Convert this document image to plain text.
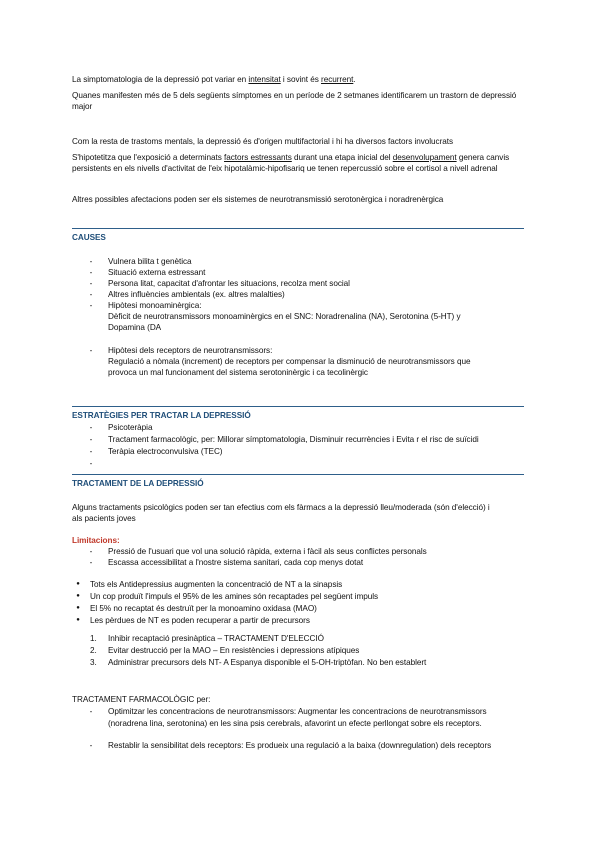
La simptomatologia de la depressió pot variar en intensitat i sovint és recurrent.
Quanes manifesten més de 5 dels següents símptomes en un període de 2 setmanes identificarem un trastorn de depressió major
Com la resta de trastoms mentals, la depressió és d'origen multifactorial i hi ha diversos factors involucrats
S'hipotetitza que l'exposició a determinats factors estressants durant una etapa inicial del desenvolupament genera canvis persistents en els nivells d'activitat de l'eix hipotalàmic-hipofisariq ue tenen repercussió sobre el cortisol a nivell adrenal
Altres possibles afectacions poden ser els sistemes de neurotransmissió serotonèrgica i noradrenèrgica
CAUSES
-	Vulnera bilita t genètica
-	Situació externa estressant
-	Persona litat, capacitat d'afrontar les situacions, recolza ment social
-	Altres influències ambientals (ex. altres malalties)
-	Hipòtesi monoaminèrgica:
Dèficit de neurotransmissors monoaminèrgics en el SNC: Noradrenalina (NA), Serotonina (5-HT) y
Dopamina (DA
-	Hipòtesi dels receptors de neurotransmissors:
Regulació a nòmala (increment) de receptors per compensar la disminució de neurotransmissors que
provoca un mal funcionament del sistema serotoninèrgic i ca tecolinèrgic
ESTRATÈGIES PER TRACTAR LA DEPRESSIÓ
-	Psicoteràpia
-	Tractament farmacològic, per: Millorar símptomatologia, Disminuir recurrències i Evita r el risc de suïcidi
-	Teràpia electroconvulsiva (TEC)
-
TRACTAMENT DE LA DEPRESSIÓ
Alguns tractaments psicològics poden ser tan efectius com els fàrmacs a la depressió lleu/moderada (són d'elecció) i
als pacients joves
Limitacions:
-	Pressió de l'usuari que vol una solució ràpida, externa i fàcil als seus conflictes personals
-	Escassa accessibilitat a l'nostre sistema sanitari, cada cop menys dotat
●	Tots els Antidepressius augmenten la concentració de NT a la sinapsis
●	Un cop produït l'impuls el 95% de les amines són recaptades pel següent impuls
●	El 5% no recaptat és destruït per la monoamino oxidasa (MAO)
●	Les pèrdues de NT es poden recuperar a partir de precursors
1. Inhibir recaptació presinàptica – TRACTAMENT D'ELECCIÓ
2. Evitar destrucció per la MAO – En resistències i depressions atípiques
3. Administrar precursors dels NT- A Espanya disponible el 5-OH-triptòfan. No ben establert
TRACTAMENT FARMACOLÒGIC per:
-	Optimitzar les concentracions de neurotransmissors: Augmentar les concentracions de neurotransmissors
(noradrena lina, serotonina) en les sina psis cerebrals, afavorint un efecte perllongat sobre els receptors.
-	Restablir la sensibilitat dels receptors: Es produeix una regulació a la baixa (downregulation) dels receptors
